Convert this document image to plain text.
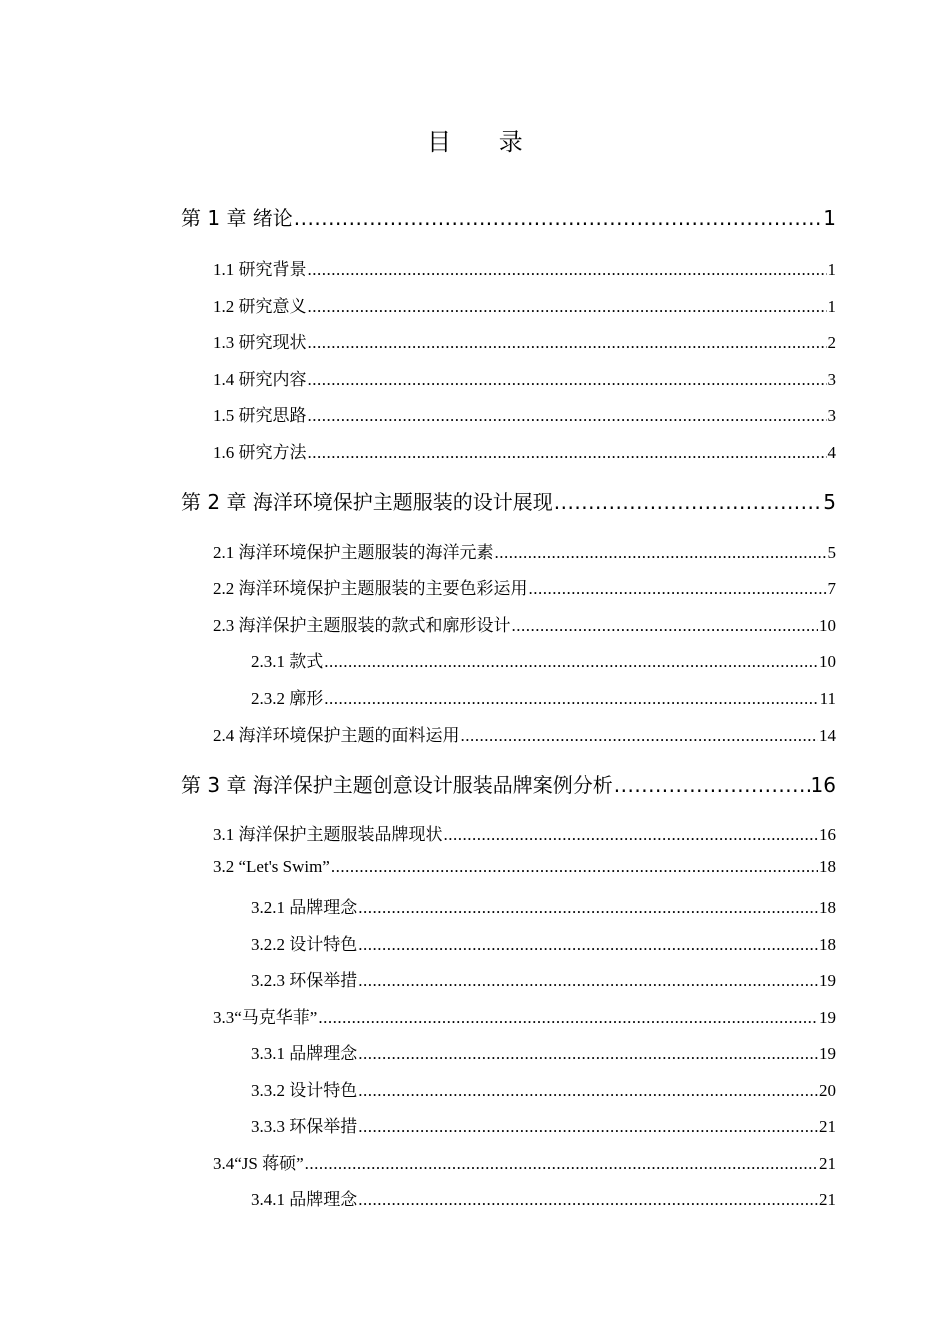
目 录
第 1 章 绪论 .....	1
1.1 研究背景 .....	1
1.2 研究意义 .....	1
1.3 研究现状 .....	2
1.4 研究内容 .....	3
1.5 研究思路 .....	3
1.6 研究方法 .....	4
第 2 章 海洋环境保护主题服装的设计展现 .....	5
2.1 海洋环境保护主题服装的海洋元素 .....	5
2.2 海洋环境保护主题服装的主要色彩运用 .....	7
2.3 海洋保护主题服装的款式和廓形设计 .....	10
2.3.1 款式 .....	10
2.3.2 廓形 .....	11
2.4 海洋环境保护主题的面料运用 .....	14
第 3 章 海洋保护主题创意设计服装品牌案例分析 .....	16
3.1 海洋保护主题服装品牌现状 .....	16
3.2 “Let's Swim” .....	18
3.2.1 品牌理念 .....	18
3.2.2 设计特色 .....	18
3.2.3 环保举措 .....	19
3.3“马克华菲” .....	19
3.3.1 品牌理念 .....	19
3.3.2 设计特色 .....	20
3.3.3 环保举措 .....	21
3.4“JS 蒋硕” .....	21
3.4.1 品牌理念 .....	21
